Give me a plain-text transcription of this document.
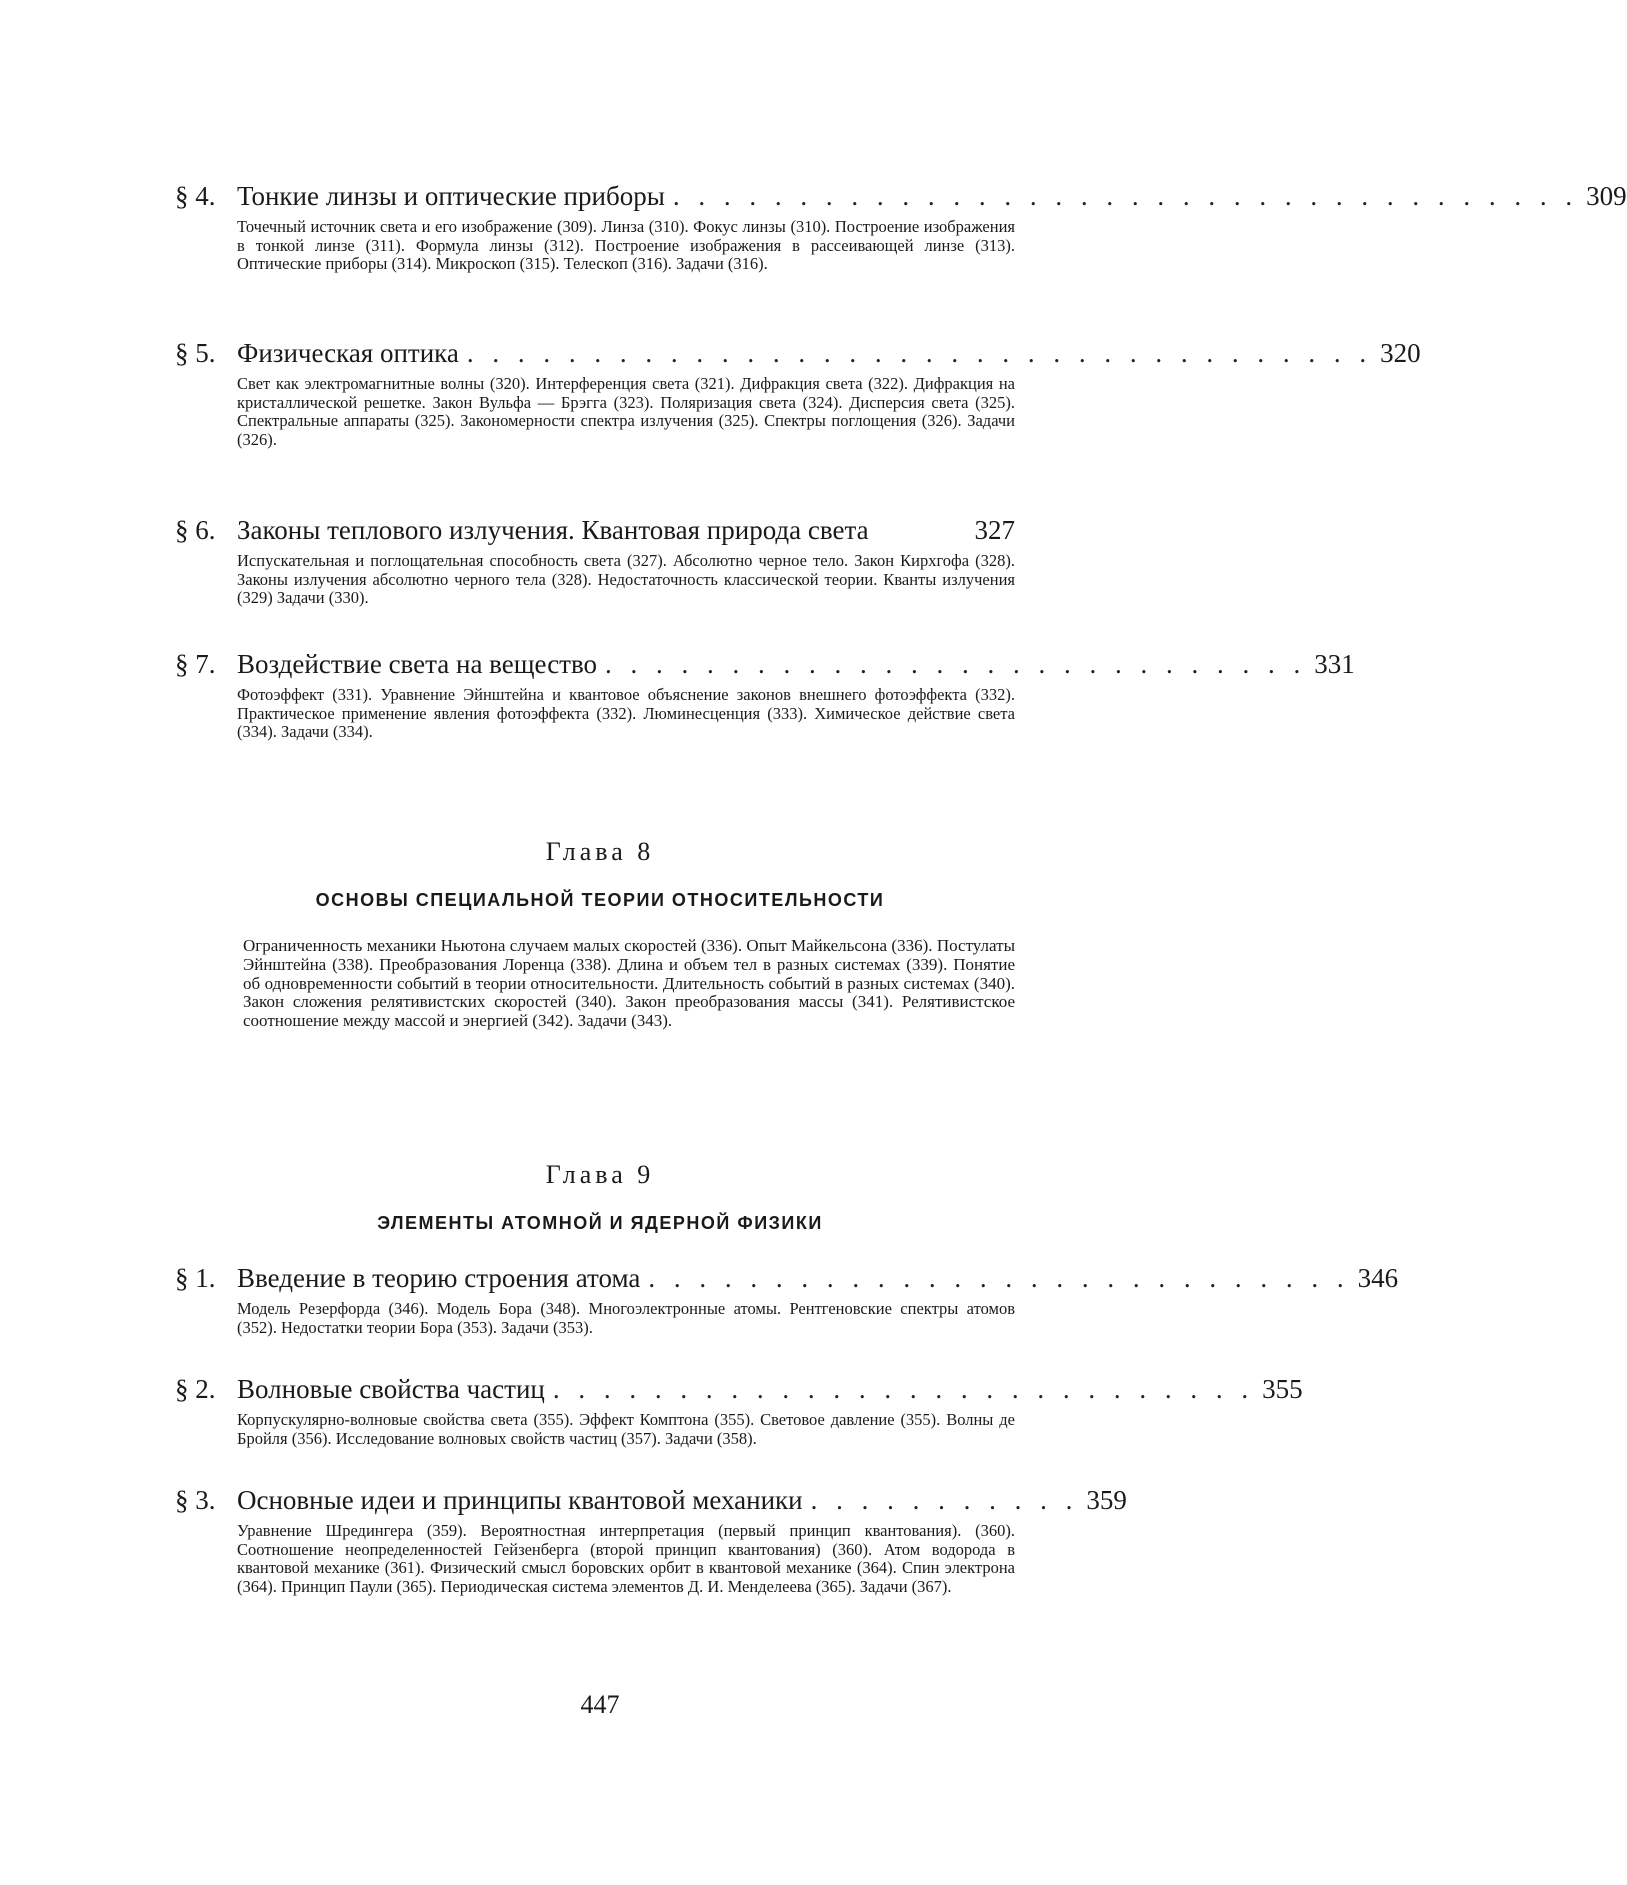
§ 4. Тонкие линзы и оптические приборы . . . . . . . . . . . . . . . . . . . . . . . . . . . . . . . . . . . . 309
Точечный источник света и его изображение (309). Линза (310). Фокус линзы (310). Построение изображения в тонкой линзе (311). Формула линзы (312). Построение изображения в рассеивающей линзе (313). Оптические приборы (314). Микроскоп (315). Телескоп (316). Задачи (316).
§ 5. Физическая оптика . . . . . . . . . . . . . . . . . . . . . . . . . . . . . . . . . . . . 320
Свет как электромагнитные волны (320). Интерференция света (321). Дифракция света (322). Дифракция на кристаллической решетке. Закон Вульфа — Брэгга (323). Поляризация света (324). Дисперсия света (325). Спектральные аппараты (325). Закономерности спектра излучения (325). Спектры поглощения (326). Задачи (326).
§ 6. Законы теплового излучения. Квантовая природа света	327
Испускательная и поглощательная способность света (327). Абсолютно черное тело. Закон Кирхгофа (328). Законы излучения абсолютно черного тела (328). Недостаточность классической теории. Кванты излучения (329) Задачи (330).
§ 7. Воздействие света на вещество . . . . . . . . . . . . . . . . . . . . . . . . . . . . 331
Фотоэффект (331). Уравнение Эйнштейна и квантовое объяснение законов внешнего фотоэффекта (332). Практическое применение явления фотоэффекта (332). Люминесценция (333). Химическое действие света (334). Задачи (334).
Глава 8
ОСНОВЫ СПЕЦИАЛЬНОЙ ТЕОРИИ ОТНОСИТЕЛЬНОСТИ
Ограниченность механики Ньютона случаем малых скоростей (336). Опыт Майкельсона (336). Постулаты Эйнштейна (338). Преобразования Лоренца (338). Длина и объем тел в разных системах (339). Понятие об одновременности событий в теории относительности. Длительность событий в разных системах (340). Закон сложения релятивистских скоростей (340). Закон преобразования массы (341). Релятивистское соотношение между массой и энергией (342). Задачи (343).
Глава 9
ЭЛЕМЕНТЫ АТОМНОЙ И ЯДЕРНОЙ ФИЗИКИ
§ 1. Введение в теорию строения атома . . . . . . . . . . . . . . . . . . . . . . . . . . . . 346
Модель Резерфорда (346). Модель Бора (348). Многоэлектронные атомы. Рентгеновские спектры атомов (352). Недостатки теории Бора (353). Задачи (353).
§ 2. Волновые свойства частиц . . . . . . . . . . . . . . . . . . . . . . . . . . . . 355
Корпускулярно-волновые свойства света (355). Эффект Комптона (355). Световое давление (355). Волны де Бройля (356). Исследование волновых свойств частиц (357). Задачи (358).
§ 3. Основные идеи и принципы квантовой механики . . . . . . . . . . . 359
Уравнение Шредингера (359). Вероятностная интерпретация (первый принцип квантования). (360). Соотношение неопределенностей Гейзенберга (второй принцип квантования) (360). Атом водорода в квантовой механике (361). Физический смысл боровских орбит в квантовой механике (364). Спин электрона (364). Принцип Паули (365). Периодическая система элементов Д. И. Менделеева (365). Задачи (367).
447
